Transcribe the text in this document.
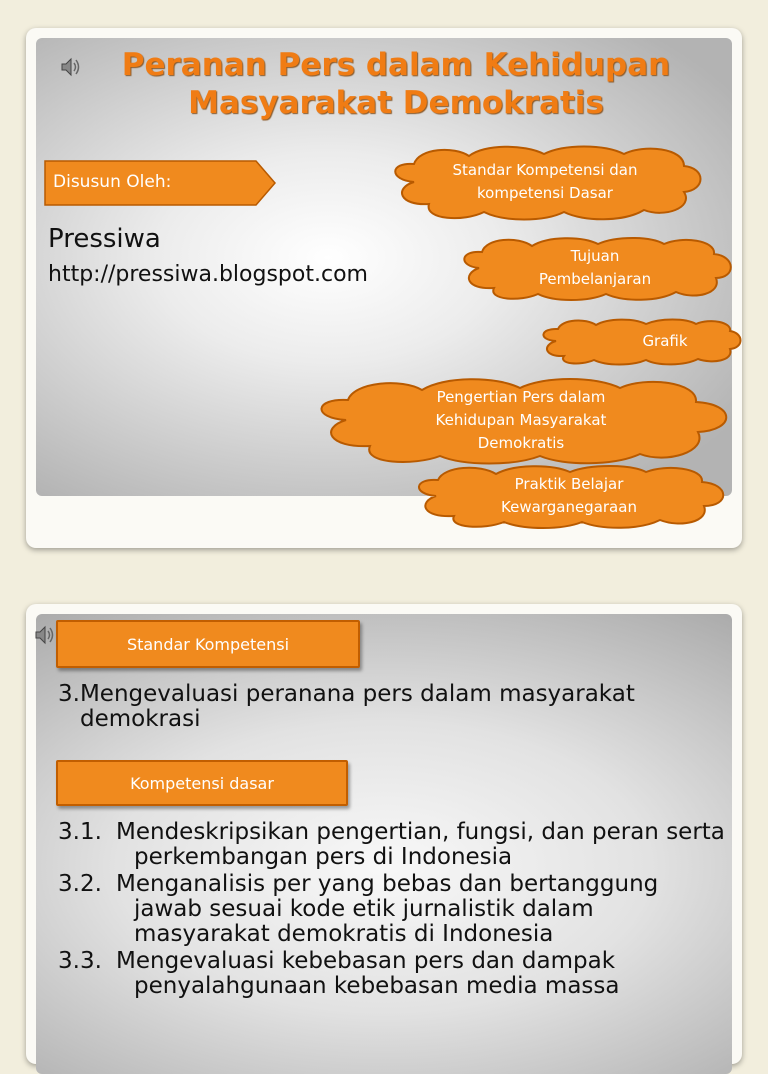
Peranan Pers dalam Kehidupan Masyarakat Demokratis
Disusun Oleh:
Pressiwa
http://pressiwa.blogspot.com
Standar Kompetensi dan kompetensi Dasar
Tujuan Pembelanjaran
Grafik
Pengertian Pers dalam Kehidupan Masyarakat Demokratis
Praktik Belajar Kewarganegaraan
Standar Kompetensi
3.Mengevaluasi peranana pers dalam masyarakat demokrasi
Kompetensi dasar
3.1. Mendeskripsikan pengertian, fungsi, dan peran serta perkembangan pers di Indonesia
3.2. Menganalisis per yang bebas dan bertanggung jawab sesuai kode etik jurnalistik dalam masyarakat demokratis di Indonesia
3.3. Mengevaluasi kebebasan pers dan dampak penyalahgunaan kebebasan media massa
